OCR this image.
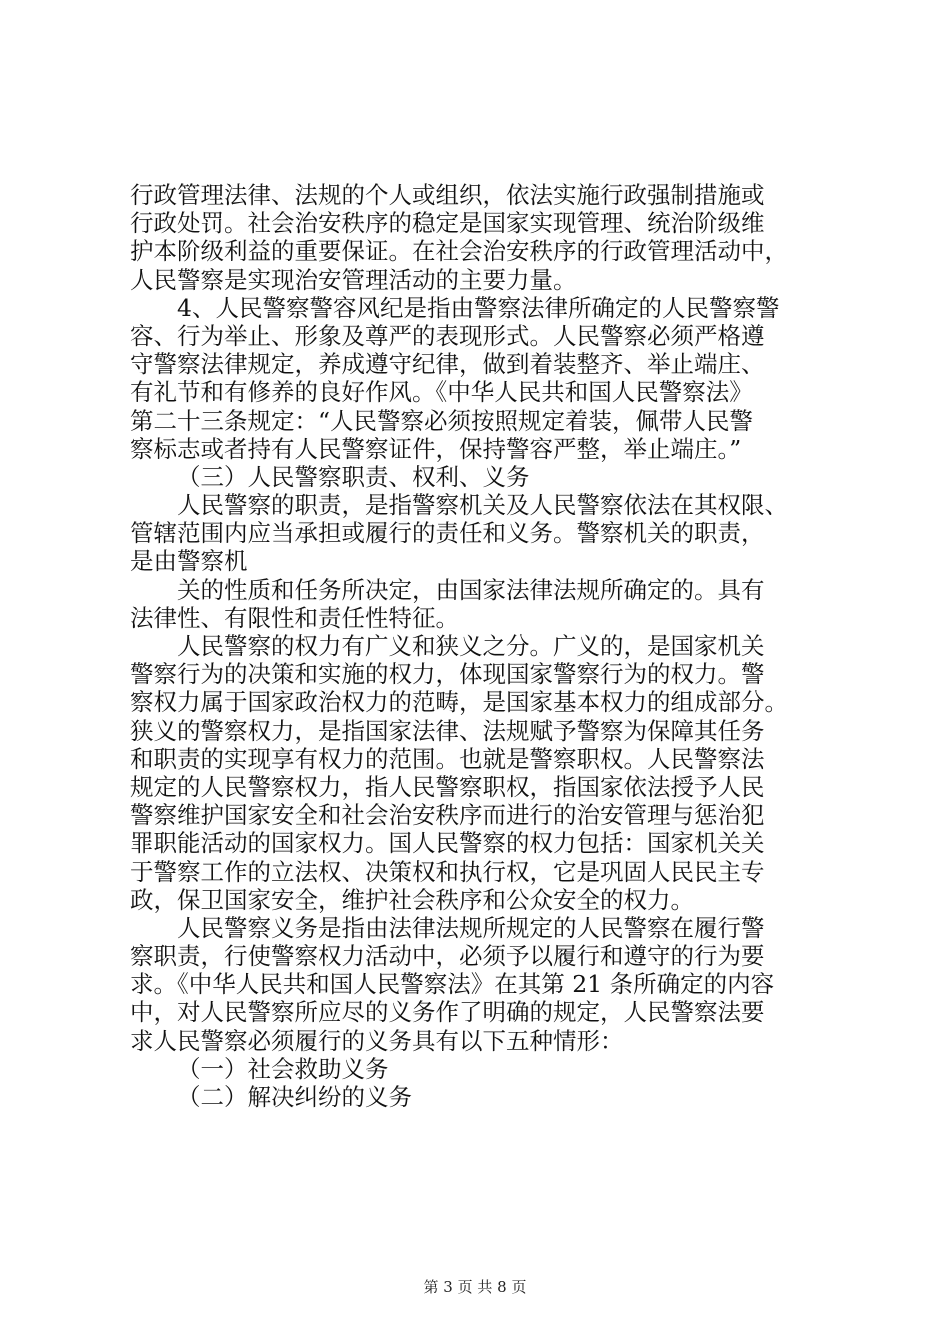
行政管理法律、法规的个人或组织，依法实施行政强制措施或
行政处罚。社会治安秩序的稳定是国家实现管理、统治阶级维
护本阶级利益的重要保证。在社会治安秩序的行政管理活动中，
人民警察是实现治安管理活动的主要力量。
4、人民警察警容风纪是指由警察法律所确定的人民警察警
容、行为举止、形象及尊严的表现形式。人民警察必须严格遵
守警察法律规定，养成遵守纪律，做到着装整齐、举止端庄、
有礼节和有修养的良好作风。《中华人民共和国人民警察法》
第二十三条规定：“人民警察必须按照规定着装，佩带人民警
察标志或者持有人民警察证件，保持警容严整，举止端庄。”
（三）人民警察职责、权利、义务
人民警察的职责，是指警察机关及人民警察依法在其权限、
管辖范围内应当承担或履行的责任和义务。警察机关的职责，
是由警察机
关的性质和任务所决定，由国家法律法规所确定的。具有
法律性、有限性和责任性特征。
人民警察的权力有广义和狭义之分。广义的，是国家机关
警察行为的决策和实施的权力，体现国家警察行为的权力。警
察权力属于国家政治权力的范畴，是国家基本权力的组成部分。
狭义的警察权力，是指国家法律、法规赋予警察为保障其任务
和职责的实现享有权力的范围。也就是警察职权。人民警察法
规定的人民警察权力，指人民警察职权，指国家依法授予人民
警察维护国家安全和社会治安秩序而进行的治安管理与惩治犯
罪职能活动的国家权力。国人民警察的权力包括：国家机关关
于警察工作的立法权、决策权和执行权，它是巩固人民民主专
政，保卫国家安全，维护社会秩序和公众安全的权力。
人民警察义务是指由法律法规所规定的人民警察在履行警
察职责，行使警察权力活动中，必须予以履行和遵守的行为要
求。《中华人民共和国人民警察法》在其第 21 条所确定的内容
中，对人民警察所应尽的义务作了明确的规定，人民警察法要
求人民警察必须履行的义务具有以下五种情形：
（一）社会救助义务
（二）解决纠纷的义务
第 3 页 共 8 页
